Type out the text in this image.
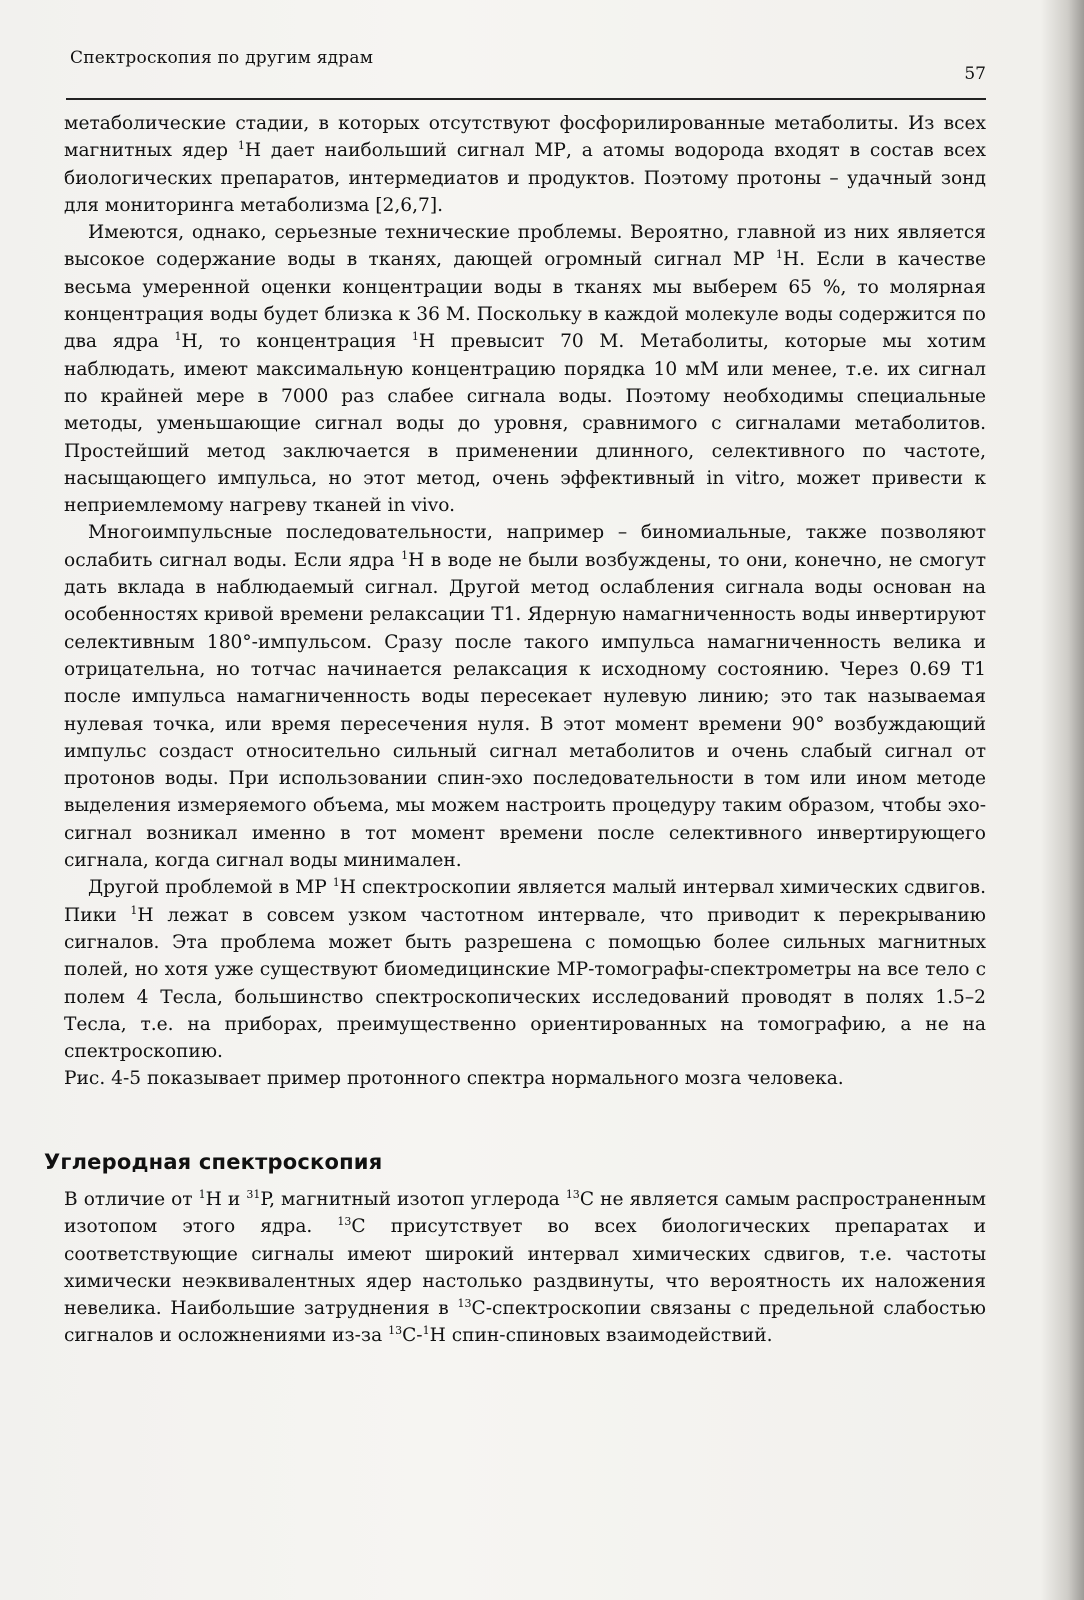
Спектроскопия по другим ядрам
57

метаболические стадии, в которых отсутствуют фосфорилированные метаболиты. Из всех магнитных ядер $^1$H дает наибольший сигнал МР, а атомы водорода входят в состав всех биологических препаратов, интермедиатов и продуктов. Поэтому протоны – удачный зонд для мониторинга метаболизма [2,6,7].

Имеются, однако, серьезные технические проблемы. Вероятно, главной из них является высокое содержание воды в тканях, дающей огромный сигнал МР $^1$H. Если в качестве весьма умеренной оценки концентрации воды в тканях мы выберем 65 %, то молярная концентрация воды будет близка к 36 М. Поскольку в каждой молекуле воды содержится по два ядра $^1$H, то концентрация $^1$H превысит 70 М. Метаболиты, которые мы хотим наблюдать, имеют максимальную концентрацию порядка 10 мМ или менее, т.е. их сигнал по крайней мере в 7000 раз слабее сигнала воды. Поэтому необходимы специальные методы, уменьшающие сигнал воды до уровня, сравнимого с сигналами метаболитов. Простейший метод заключается в применении длинного, селективного по частоте, насыщающего импульса, но этот метод, очень эффективный in vitro, может привести к неприемлемому нагреву тканей in vivo.

Многоимпульсные последовательности, например – биномиальные, также позволяют ослабить сигнал воды. Если ядра $^1$H в воде не были возбуждены, то они, конечно, не смогут дать вклада в наблюдаемый сигнал. Другой метод ослабления сигнала воды основан на особенностях кривой времени релаксации T1. Ядерную намагниченность воды инвертируют селективным 180°-импульсом. Сразу после такого импульса намагниченность велика и отрицательна, но тотчас начинается релаксация к исходному состоянию. Через 0.69 T1 после импульса намагниченность воды пересекает нулевую линию; это так называемая нулевая точка, или время пересечения нуля. В этот момент времени 90° возбуждающий импульс создаст относительно сильный сигнал метаболитов и очень слабый сигнал от протонов воды. При использовании спин-эхо последовательности в том или ином методе выделения измеряемого объема, мы можем настроить процедуру таким образом, чтобы эхо-сигнал возникал именно в тот момент времени после селективного инвертирующего сигнала, когда сигнал воды минимален.

Другой проблемой в МР $^1$H спектроскопии является малый интервал химических сдвигов. Пики $^1$H лежат в совсем узком частотном интервале, что приводит к перекрыванию сигналов. Эта проблема может быть разрешена с помощью более сильных магнитных полей, но хотя уже существуют биомедицинские МР-томографы-спектрометры на все тело с полем 4 Тесла, большинство спектроскопических исследований проводят в полях 1.5–2 Тесла, т.е. на приборах, преимущественно ориентированных на томографию, а не на спектроскопию.

Рис. 4-5 показывает пример протонного спектра нормального мозга человека.

Углеродная спектроскопия

В отличие от $^1$H и $^{31}$P, магнитный изотоп углерода $^{13}$C не является самым распространенным изотопом этого ядра. $^{13}$C присутствует во всех биологических препаратах и соответствующие сигналы имеют широкий интервал химических сдвигов, т.е. частоты химически неэквивалентных ядер настолько раздвинуты, что вероятность их наложения невелика. Наибольшие затруднения в $^{13}$C-спектроскопии связаны с предельной слабостью сигналов и осложнениями из-за $^{13}$C-$^1$H спин-спиновых взаимодействий.
